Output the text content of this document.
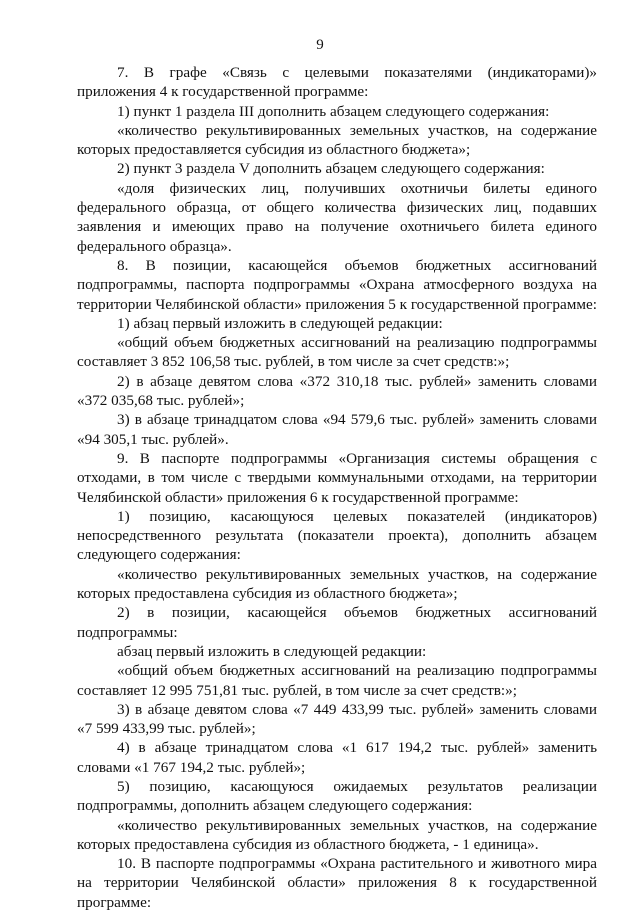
9

7. В графе «Связь с целевыми показателями (индикаторами)» приложения 4 к государственной программе:

1) пункт 1 раздела III дополнить абзацем следующего содержания:

«количество рекультивированных земельных участков, на содержание которых предоставляется субсидия из областного бюджета»;

2) пункт 3 раздела V дополнить абзацем следующего содержания:

«доля физических лиц, получивших охотничьи билеты единого федерального образца, от общего количества физических лиц, подавших заявления и имеющих право на получение охотничьего билета единого федерального образца».

8. В позиции, касающейся объемов бюджетных ассигнований подпрограммы, паспорта подпрограммы «Охрана атмосферного воздуха на территории Челябинской области» приложения 5 к государственной программе:

1) абзац первый изложить в следующей редакции:

«общий объем бюджетных ассигнований на реализацию подпрограммы составляет 3 852 106,58 тыс. рублей, в том числе за счет средств:»;

2) в абзаце девятом слова «372 310,18 тыс. рублей» заменить словами «372 035,68 тыс. рублей»;

3) в абзаце тринадцатом слова «94 579,6 тыс. рублей» заменить словами «94 305,1 тыс. рублей».

9. В паспорте подпрограммы «Организация системы обращения с отходами, в том числе с твердыми коммунальными отходами, на территории Челябинской области» приложения 6 к государственной программе:

1) позицию, касающуюся целевых показателей (индикаторов) непосредственного результата (показатели проекта), дополнить абзацем следующего содержания:

«количество рекультивированных земельных участков, на содержание которых предоставлена субсидия из областного бюджета»;

2) в позиции, касающейся объемов бюджетных ассигнований подпрограммы:

абзац первый изложить в следующей редакции:

«общий объем бюджетных ассигнований на реализацию подпрограммы составляет 12 995 751,81 тыс. рублей, в том числе за счет средств:»;

3) в абзаце девятом слова «7 449 433,99 тыс. рублей» заменить словами «7 599 433,99 тыс. рублей»;

4) в абзаце тринадцатом слова «1 617 194,2 тыс. рублей» заменить словами «1 767 194,2 тыс. рублей»;

5) позицию, касающуюся ожидаемых результатов реализации подпрограммы, дополнить абзацем следующего содержания:

«количество рекультивированных земельных участков, на содержание которых предоставлена субсидия из областного бюджета, - 1 единица».

10. В паспорте подпрограммы «Охрана растительного и животного мира на территории Челябинской области» приложения 8 к государственной программе:
